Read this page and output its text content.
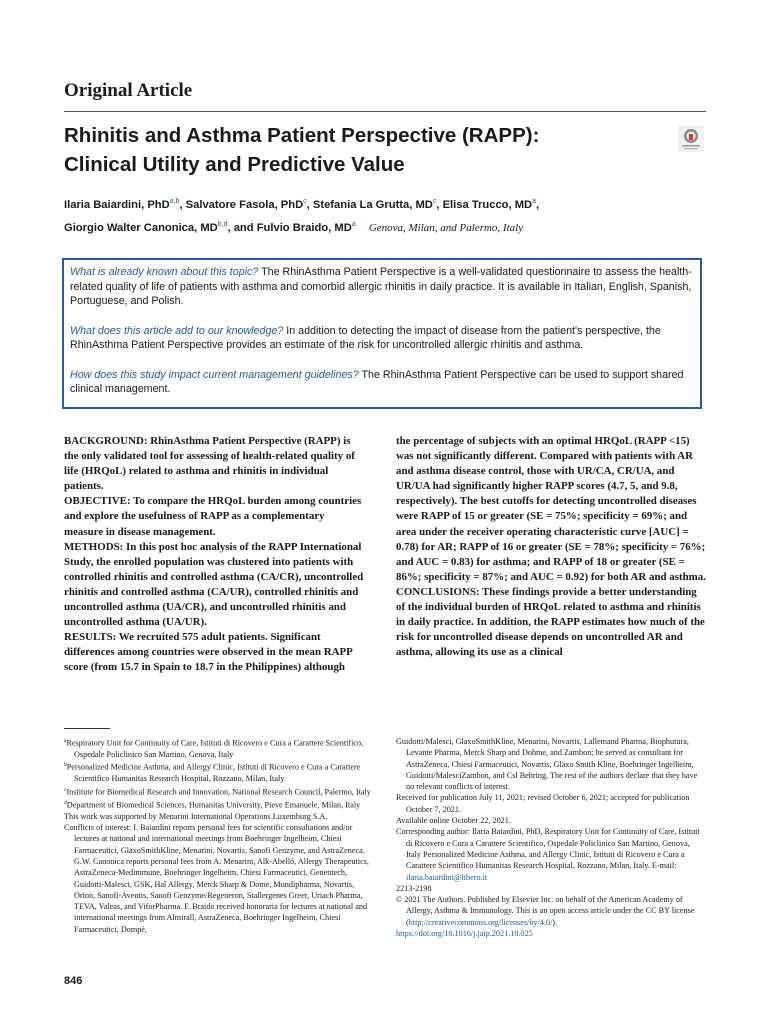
Original Article
Rhinitis and Asthma Patient Perspective (RAPP):
Clinical Utility and Predictive Value
Ilaria Baiardini, PhD$^{a,b}$, Salvatore Fasola, PhD$^c$, Stefania La Grutta, $MD^c$, Elisa Trucco, $MD^a$,
Giorgio Walter Canonica, MD$^{b,d}$, and Fulvio Braido, $MD^a$ Genova, Milan, and Palermo, Italy

What is already known about this topic? The RhinAsthma Patient Perspective is a well-validated questionnaire to assess the health-related quality of life of patients with asthma and comorbid allergic rhinitis in daily practice. It is available in Italian, English, Spanish, Portuguese, and Polish.

What does this article add to our knowledge? In addition to detecting the impact of disease from the patient's perspective, the RhinAsthma Patient Perspective provides an estimate of the risk for uncontrolled allergic rhinitis and asthma.

How does this study impact current management guidelines? The RhinAsthma Patient Perspective can be used to support shared clinical management.

BACKGROUND: RhinAsthma Patient Perspective (RAPP) is the only validated tool for assessing of health-related quality of life (HRQoL) related to asthma and rhinitis in individual patients.

OBJECTIVE: To compare the HRQoL burden among countries and explore the usefulness of RAPP as a complementary measure in disease management.

METHODS: In this post hoc analysis of the RAPP International Study, the enrolled population was clustered into patients with controlled rhinitis and controlled asthma (CA/CR), uncontrolled rhinitis and controlled asthma (CA/UR), controlled rhinitis and uncontrolled asthma (UA/CR), and uncontrolled rhinitis and uncontrolled asthma (UA/UR).

RESULTS: We recruited 575 adult patients. Significant differences among countries were observed in the mean RAPP score (from 15.7 in Spain to 18.7 in the Philippines) although

the percentage of subjects with an optimal HRQoL (RAPP <15) was not significantly different. Compared with patients with AR and asthma disease control, those with UR/CA, CR/UA, and UR/UA had significantly higher RAPP scores (4.7, 5, and 9.8, respectively). The best cutoffs for detecting uncontrolled diseases were RAPP of 15 or greater (SE = 75%; specificity = 69%; and area under the receiver operating characteristic curve [AUC] = 0.78) for AR; RAPP of 16 or greater (SE = 78%; specificity = 76%; and AUC = 0.83) for asthma; and RAPP of 18 or greater (SE = 86%; specificity = 87%; and AUC = 0.92) for both AR and asthma.

CONCLUSIONS: These findings provide a better understanding of the individual burden of HRQoL related to asthma and rhinitis in daily practice. In addition, the RAPP estimates how much of the risk for uncontrolled disease depends on uncontrolled AR and asthma, allowing its use as a clinical

$^a$Respiratory Unit for Continuity of Care, Istituti di Ricovero e Cura a Carattere Scientifico, Ospedale Policlinico San Martino, Genova, Italy
$^b$Personalized Medicine Asthma, and Allergy Clinic, Istituti di Ricovero e Cura a Carattere Scientifico Humanitas Research Hospital, Rozzano, Milan, Italy
$^c$Institute for Biomedical Research and Innovation, National Research Council, Palermo, Italy
$^d$Department of Biomedical Sciences, Humanitas University, Pieve Emanuele, Milan, Italy
This work was supported by Menarini International Operations Luxemburg S.A.
Conflicts of interest: I. Baiardini reports personal fees for scientific consultations and/or lectures at national and international meetings from Boehringer Ingelheim, Chiesi Farmaceutici, GlaxoSmithKline, Menarini, Novartis, Sanofi Genzyme, and AstraZeneca. G.W. Canonica reports personal fees from A. Menarini, Alk-Abelló, Allergy Therapeutics, AstraZeneca-Medimmune, Boehringer Ingelheim, Chiesi Farmaceutici, Genentech, Guidotti-Malesci, GSK, Hal Allergy, Merck Sharp & Dome, Mundipharma, Novartis, Orion, Sanofi-Aventis, Sanofi Genzyme/Regeneron, Stallergenes Greer, Uriach Pharma, TEVA, Valeas, and ViforPharma. F. Braido received honoraria for lectures at national and international meetings from Almirall, AstraZeneca, Boehringer Ingelheim, Chiesi Farmaceutici, Dompè,
Guidotti/Malesci, GlaxoSmithKline, Menarini, Novartis, Lallemand Pharma, Biophutura, Levante Pharma, Merck Sharp and Dohme, and Zambon; he served as consultant for AstraZeneca, Chiesi Farmaceutici, Novartis, Glaxo Smith Kline, Boehringer Ingelheim, Guidotti/MalesciZambon, and Csl Behring. The rest of the authors declare that they have no relevant conflicts of interest.
Received for publication July 11, 2021; revised October 6, 2021; accepted for publication October 7, 2021.
Available online October 22, 2021.
Corresponding author: Ilaria Baiardini, PhD, Respiratory Unit for Continuity of Care, Istituti di Ricovero e Cura a Carattere Scientifico, Ospedale Policlinico San Martino, Genova, Italy Personalized Medicine Asthma, and Allergy Clinic, Istituti di Ricovero e Cura a Carattere Scientifico Humanitas Research Hospital, Rozzano, Milan, Italy. E-mail: ilaria.baiardini@libero.it
2213-2198
© 2021 The Authors. Published by Elsevier Inc. on behalf of the American Academy of Allergy, Asthma & Immunology. This is an open access article under the CC BY license (http://creativecommons.org/licenses/by/4.0/).
https://doi.org/10.1016/j.jaip.2021.10.025
846
